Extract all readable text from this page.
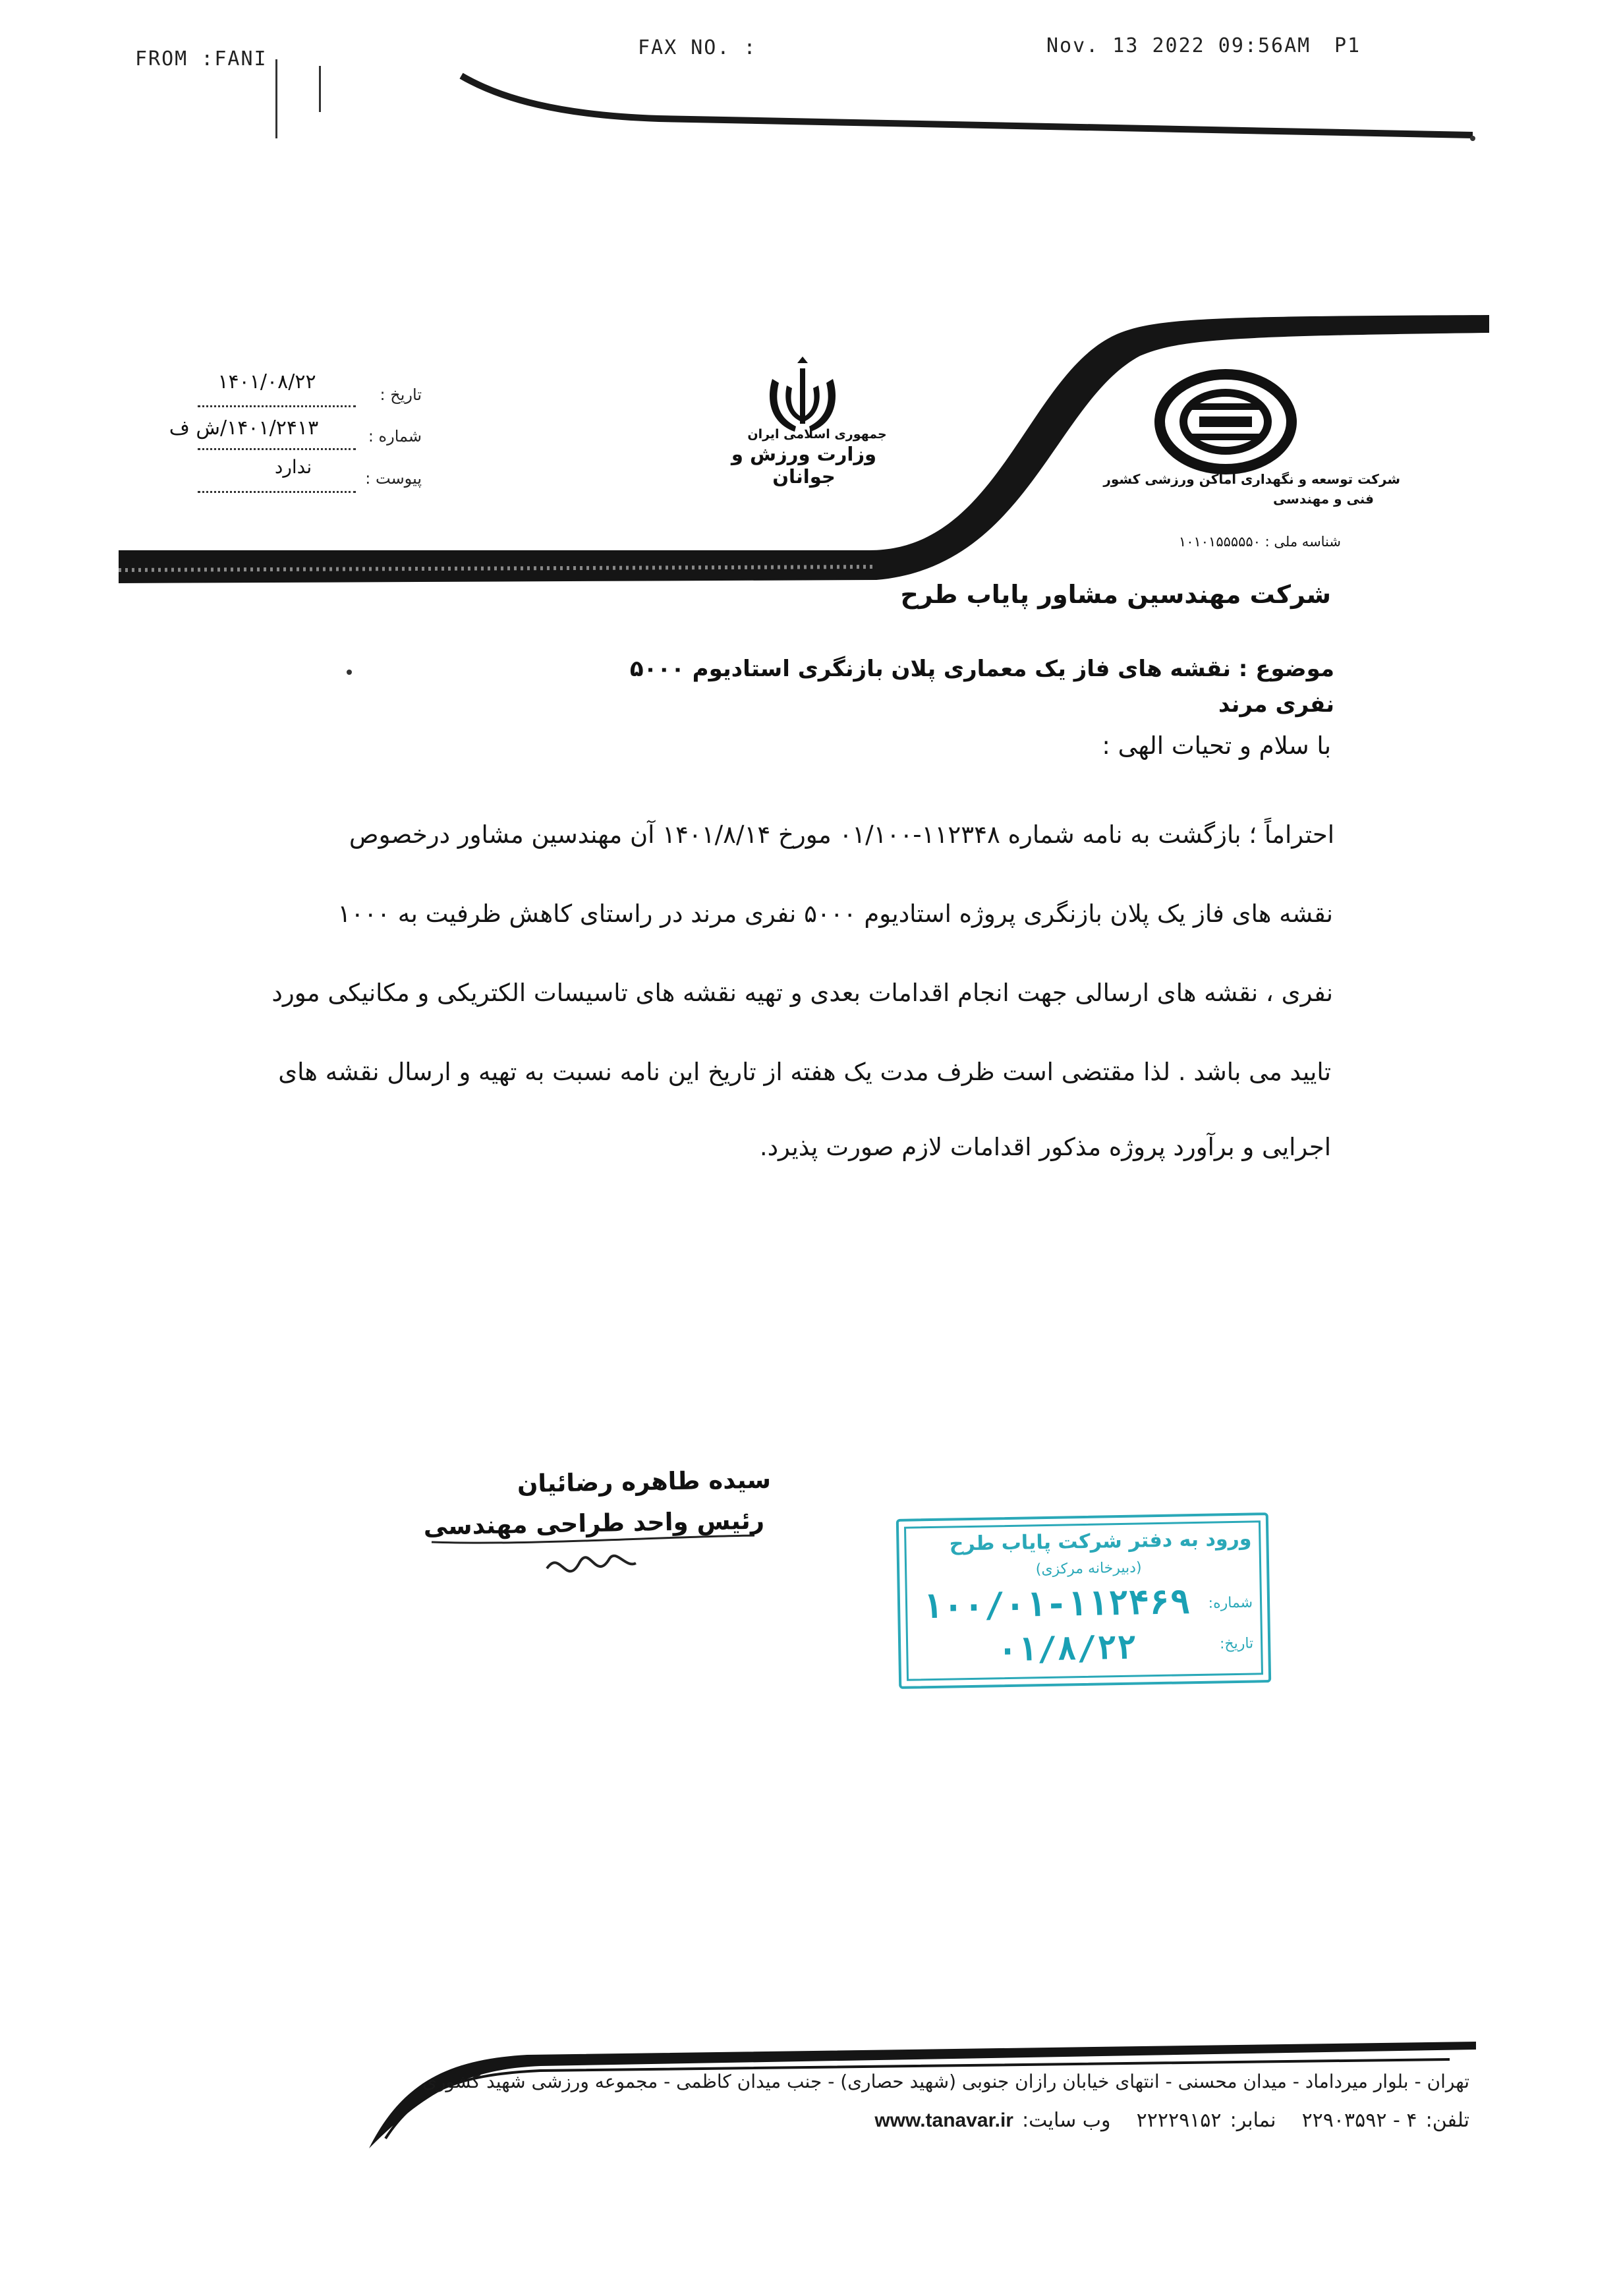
FROM :FANI	FAX NO. :	Nov. 13 2022 09:56AM P1
جمهوری اسلامی ایران
وزارت ورزش و جوانان	شرکت توسعه و نگهداری اماکن ورزشی کشور
فنی و مهندسی
شناسه ملی : ۱۰۱۰۱۵۵۵۵۵۰
تاریخ :
۱۴۰۱/۰۸/۲۲
شماره :
۱۴۰۱/۲۴۱۳/ش ف
پیوست :
ندارد
شرکت مهندسین مشاور پایاب طرح
موضوع : نقشه های فاز یک معماری پلان بازنگری استادیوم ۵۰۰۰ نفری مرند
با سلام و تحیات الهی :
احتراماً ؛ بازگشت به نامه شماره ۱۱۲۳۴۸-۰۱/۱۰۰ مورخ ۱۴۰۱/۸/۱۴ آن مهندسین مشاور درخصوص
نقشه های فاز یک پلان بازنگری پروژه استادیوم ۵۰۰۰ نفری مرند در راستای کاهش ظرفیت به ۱۰۰۰
نفری ، نقشه های ارسالی جهت انجام اقدامات بعدی و تهیه نقشه های تاسیسات الکتریکی و مکانیکی مورد
تایید می باشد . لذا مقتضی است ظرف مدت یک هفته از تاریخ این نامه نسبت به تهیه و ارسال نقشه های
اجرایی و برآورد پروژه مذکور اقدامات لازم صورت پذیرد.
سیده طاهره رضائیان
رئیس واحد طراحی مهندسی
ورود به دفتر شرکت پایاب طرح
(دبیرخانه مرکزی)
شماره:
۱۰۰/۰۱-۱۱۲۴۶۹
تاریخ:
۰۱/۸/۲۲
تهران - بلوار میرداماد - میدان محسنی - انتهای خیابان رازان جنوبی (شهید حصاری) - جنب میدان کاظمی - مجموعه ورزشی شهید کشوری
تلفن: ۴ - ۲۲۹۰۳۵۹۲ نمابر: ۲۲۲۲۹۱۵۲ وب سایت: www.tanavar.ir
